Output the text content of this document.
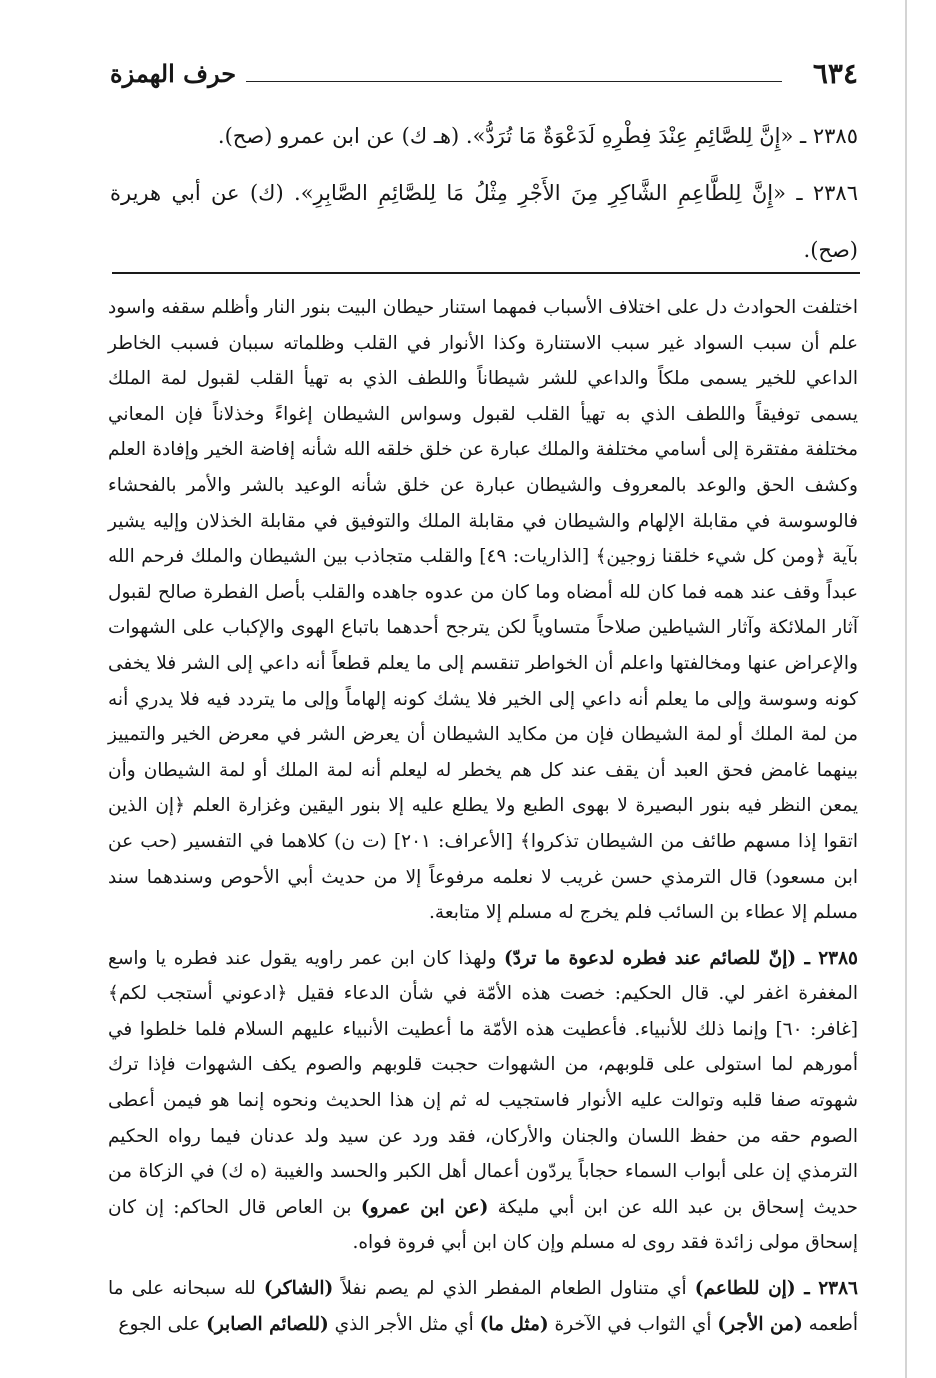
٦٣٤
حرف الهمزة

٢٣٨٥ ـ «إِنَّ لِلصَّائِمِ عِنْدَ فِطْرِهِ لَدَعْوَةٌ مَا تُرَدُّ». (هـ ك) عن ابن عمرو (صح).

٢٣٨٦ ـ «إِنَّ لِلطَّاعِمِ الشَّاكِرِ مِنَ الأَجْرِ مِثْلُ مَا لِلصَّائِمِ الصَّابِرِ». (ك) عن أبي هريرة (صح).

اختلفت الحوادث دل على اختلاف الأسباب فمهما استنار حيطان البيت بنور النار وأظلم سقفه واسود علم أن سبب السواد غير سبب الاستنارة وكذا الأنوار في القلب وظلماته سببان فسبب الخاطر الداعي للخير يسمى ملكاً والداعي للشر شيطاناً واللطف الذي به تهيأ القلب لقبول لمة الملك يسمى توفيقاً واللطف الذي به تهيأ القلب لقبول وسواس الشيطان إغواءً وخذلاناً فإن المعاني مختلفة مفتقرة إلى أسامي مختلفة والملك عبارة عن خلق خلقه الله شأنه إفاضة الخير وإفادة العلم وكشف الحق والوعد بالمعروف والشيطان عبارة عن خلق شأنه الوعيد بالشر والأمر بالفحشاء فالوسوسة في مقابلة الإلهام والشيطان في مقابلة الملك والتوفيق في مقابلة الخذلان وإليه يشير بآية ﴿ومن كل شيء خلقنا زوجين﴾ [الذاريات: ٤٩] والقلب متجاذب بين الشيطان والملك فرحم الله عبداً وقف عند همه فما كان لله أمضاه وما كان من عدوه جاهده والقلب بأصل الفطرة صالح لقبول آثار الملائكة وآثار الشياطين صلاحاً متساوياً لكن يترجح أحدهما باتباع الهوى والإكباب على الشهوات والإعراض عنها ومخالفتها واعلم أن الخواطر تنقسم إلى ما يعلم قطعاً أنه داعي إلى الشر فلا يخفى كونه وسوسة وإلى ما يعلم أنه داعي إلى الخير فلا يشك كونه إلهاماً وإلى ما يتردد فيه فلا يدري أنه من لمة الملك أو لمة الشيطان فإن من مكايد الشيطان أن يعرض الشر في معرض الخير والتمييز بينهما غامض فحق العبد أن يقف عند كل هم يخطر له ليعلم أنه لمة الملك أو لمة الشيطان وأن يمعن النظر فيه بنور البصيرة لا بهوى الطبع ولا يطلع عليه إلا بنور اليقين وغزارة العلم ﴿إن الذين اتقوا إذا مسهم طائف من الشيطان تذكروا﴾ [الأعراف: ٢٠١] (ت ن) كلاهما في التفسير (حب عن ابن مسعود) قال الترمذي حسن غريب لا نعلمه مرفوعاً إلا من حديث أبي الأحوص وسندهما سند مسلم إلا عطاء بن السائب فلم يخرج له مسلم إلا متابعة.

٢٣٨٥ ـ (إنّ للصائم عند فطره لدعوة ما تردّ) ولهذا كان ابن عمر راويه يقول عند فطره يا واسع المغفرة اغفر لي. قال الحكيم: خصت هذه الأمّة في شأن الدعاء فقيل ﴿ادعوني أستجب لكم﴾ [غافر: ٦٠] وإنما ذلك للأنبياء. فأعطيت هذه الأمّة ما أعطيت الأنبياء عليهم السلام فلما خلطوا في أمورهم لما استولى على قلوبهم، من الشهوات حجبت قلوبهم والصوم يكف الشهوات فإذا ترك شهوته صفا قلبه وتوالت عليه الأنوار فاستجيب له ثم إن هذا الحديث ونحوه إنما هو فيمن أعطى الصوم حقه من حفظ اللسان والجنان والأركان، فقد ورد عن سيد ولد عدنان فيما رواه الحكيم الترمذي إن على أبواب السماء حجاباً يردّون أعمال أهل الكبر والحسد والغيبة (ه ك) في الزكاة من حديث إسحاق بن عبد الله عن ابن أبي مليكة (عن ابن عمرو) بن العاص قال الحاكم: إن كان إسحاق مولى زائدة فقد روى له مسلم وإن كان ابن أبي فروة فواه.

٢٣٨٦ ـ (إن للطاعم) أي متناول الطعام المفطر الذي لم يصم نفلاً (الشاكر) لله سبحانه على ما أطعمه (من الأجر) أي الثواب في الآخرة (مثل ما) أي مثل الأجر الذي (للصائم الصابر) على الجوع
